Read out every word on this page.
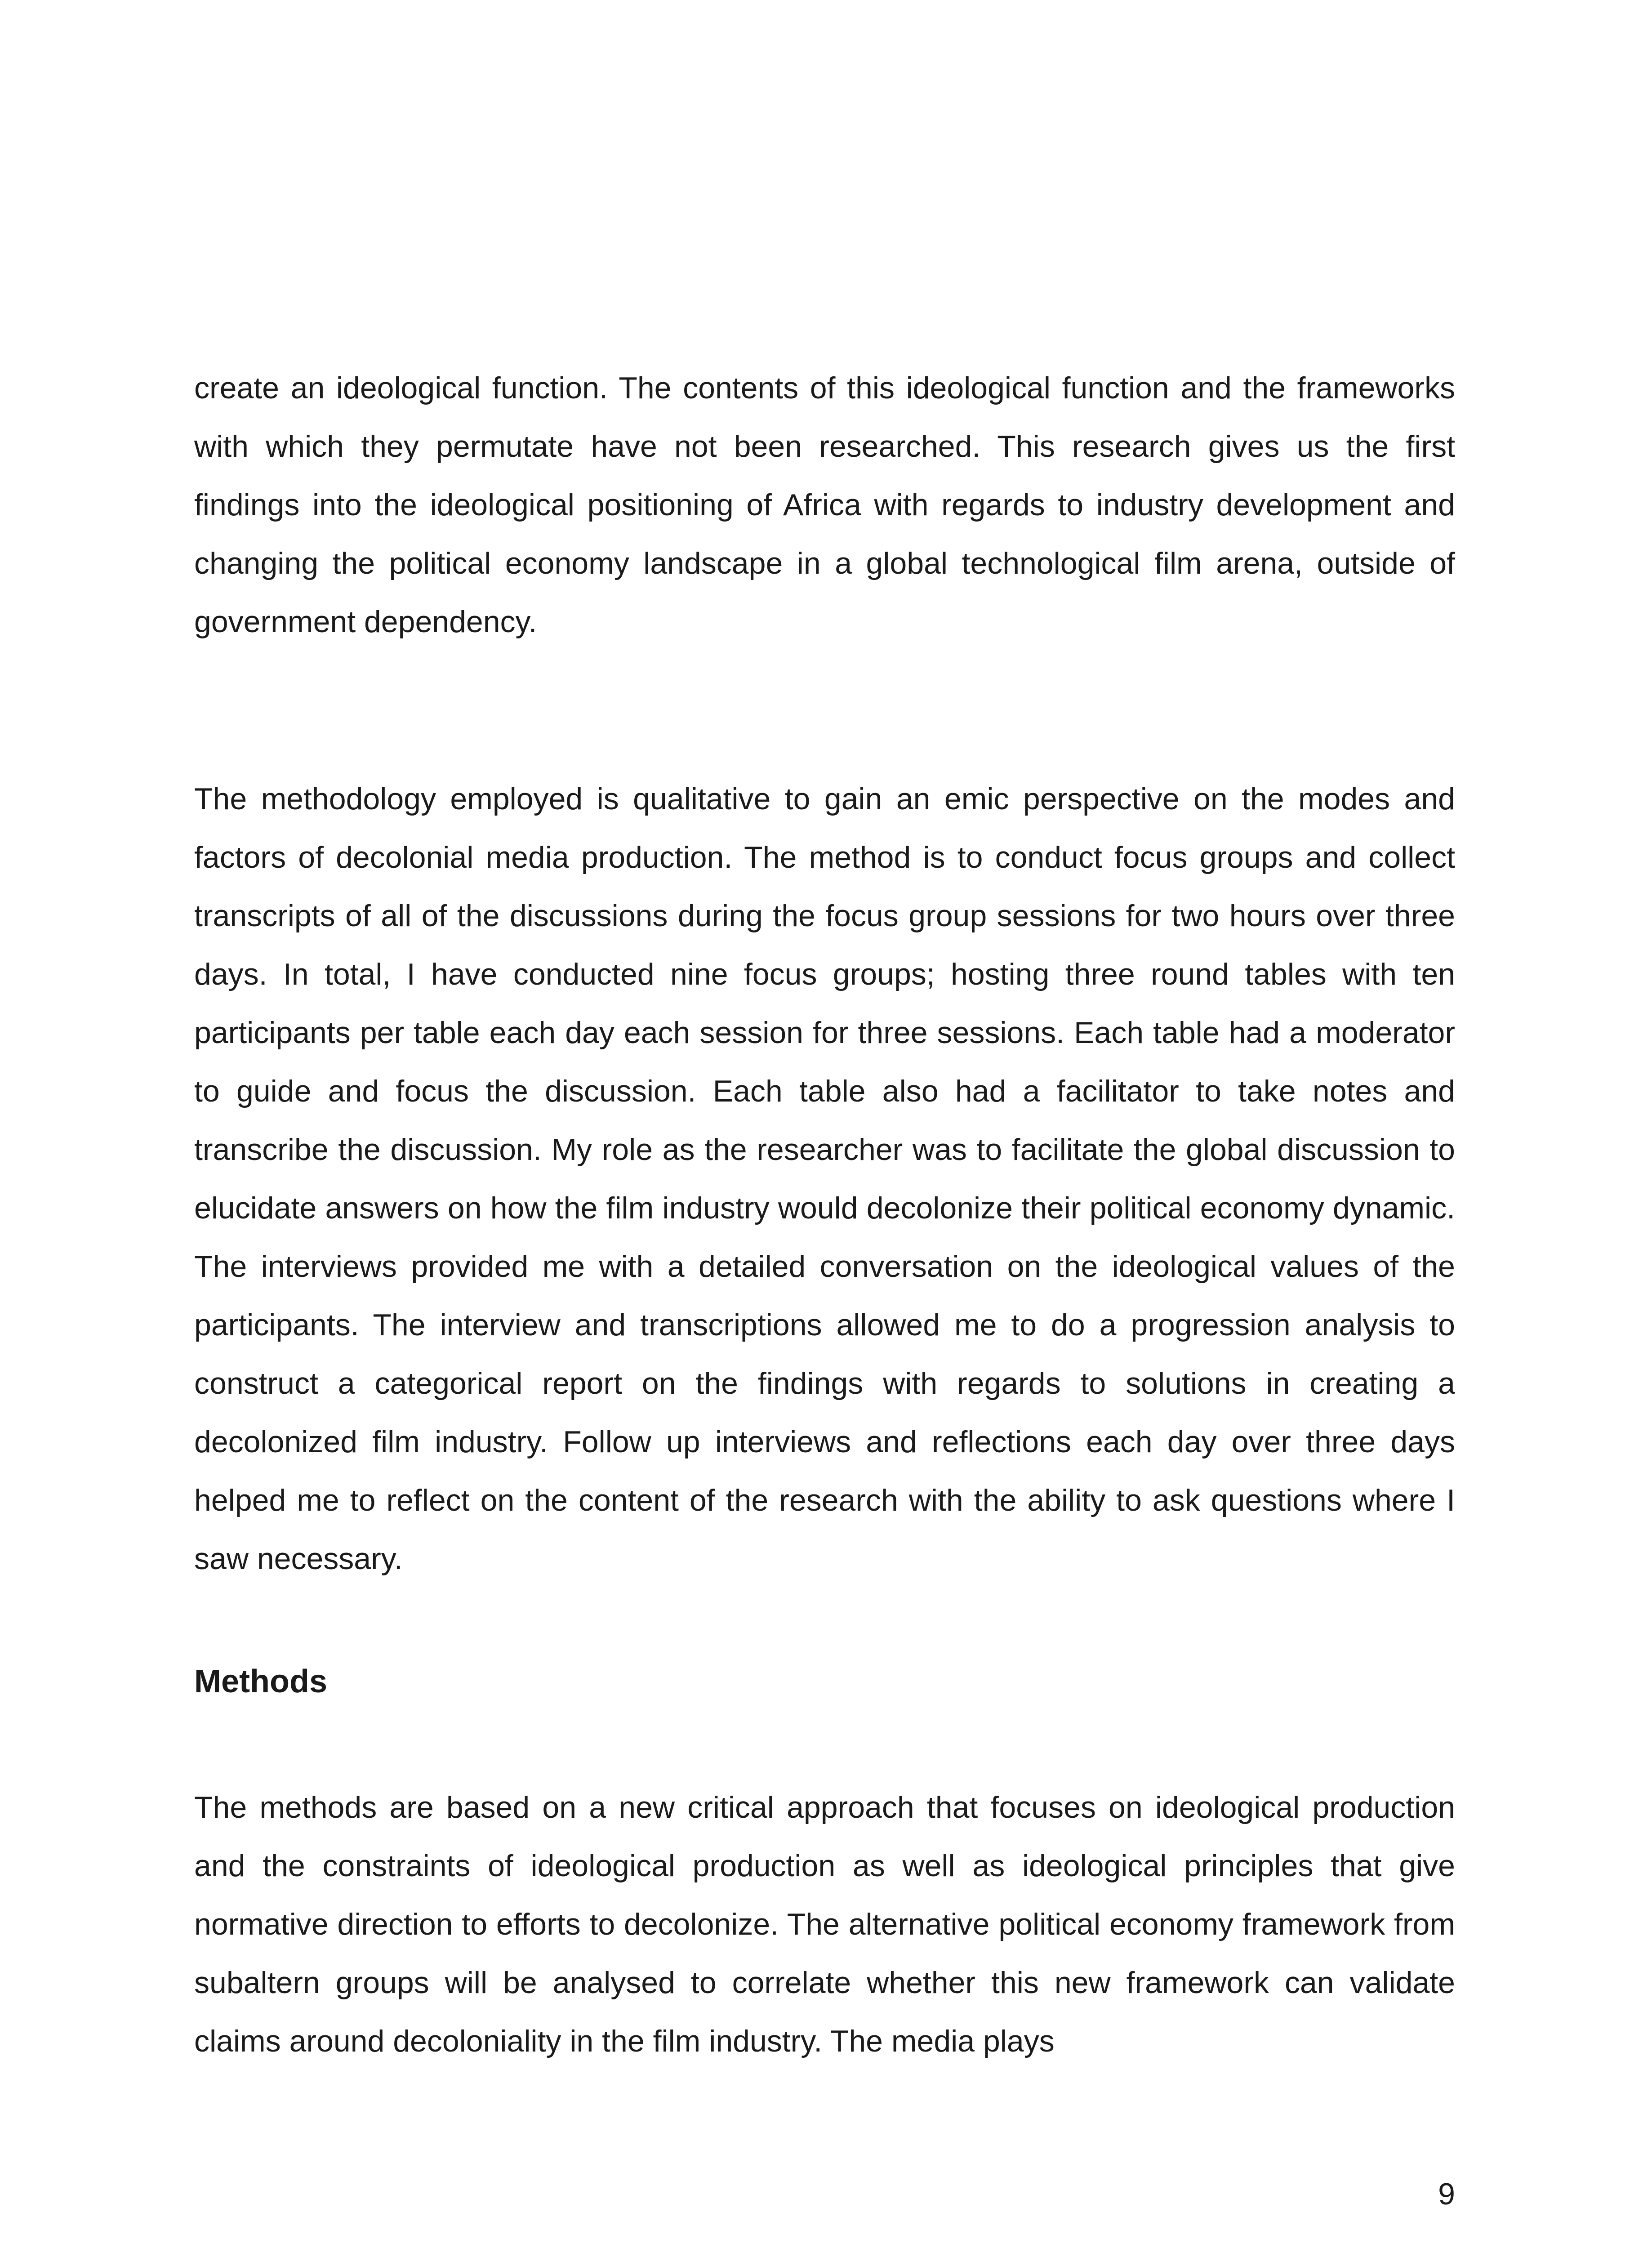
create an ideological function. The contents of this ideological function and the frameworks with which they permutate have not been researched. This research gives us the first findings into the ideological positioning of Africa with regards to industry development and changing the political economy landscape in a global technological film arena, outside of government dependency.

The methodology employed is qualitative to gain an emic perspective on the modes and factors of decolonial media production. The method is to conduct focus groups and collect transcripts of all of the discussions during the focus group sessions for two hours over three days. In total, I have conducted nine focus groups; hosting three round tables with ten participants per table each day each session for three sessions. Each table had a moderator to guide and focus the discussion. Each table also had a facilitator to take notes and transcribe the discussion. My role as the researcher was to facilitate the global discussion to elucidate answers on how the film industry would decolonize their political economy dynamic. The interviews provided me with a detailed conversation on the ideological values of the participants. The interview and transcriptions allowed me to do a progression analysis to construct a categorical report on the findings with regards to solutions in creating a decolonized film industry. Follow up interviews and reflections each day over three days helped me to reflect on the content of the research with the ability to ask questions where I saw necessary.

Methods

The methods are based on a new critical approach that focuses on ideological production and the constraints of ideological production as well as ideological principles that give normative direction to efforts to decolonize. The alternative political economy framework from subaltern groups will be analysed to correlate whether this new framework can validate claims around decoloniality in the film industry. The media plays

9
